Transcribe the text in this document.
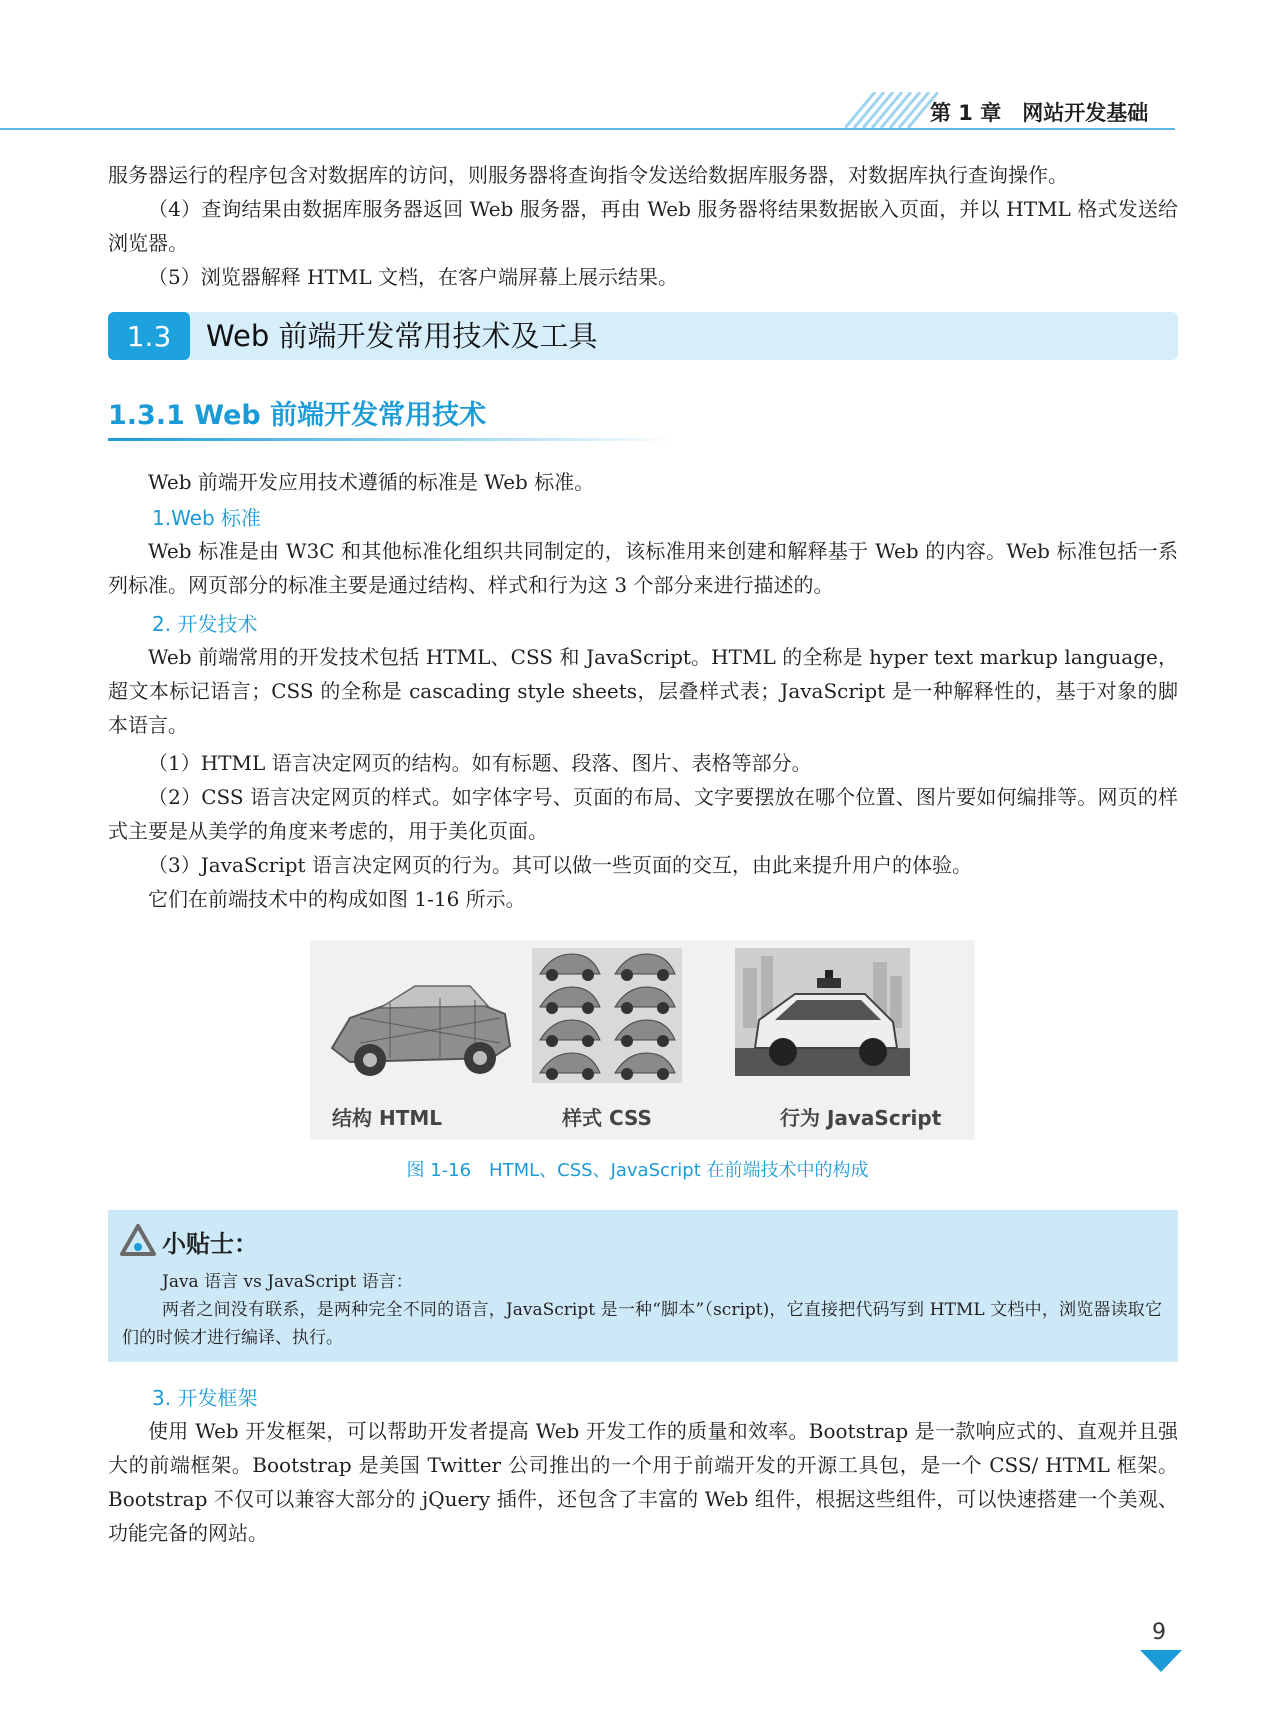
第 1 章　网站开发基础

服务器运行的程序包含对数据库的访问，则服务器将查询指令发送给数据库服务器，对数据库执行查询操作。

（4）查询结果由数据库服务器返回 Web 服务器，再由 Web 服务器将结果数据嵌入页面，并以 HTML 格式发送给浏览器。

（5）浏览器解释 HTML 文档，在客户端屏幕上展示结果。

1.3	Web 前端开发常用技术及工具
1.3.1 Web 前端开发常用技术

Web 前端开发应用技术遵循的标准是 Web 标准。

1.Web 标准

Web 标准是由 W3C 和其他标准化组织共同制定的，该标准用来创建和解释基于 Web 的内容。Web 标准包括一系列标准。网页部分的标准主要是通过结构、样式和行为这 3 个部分来进行描述的。

2. 开发技术

Web 前端常用的开发技术包括 HTML、CSS 和 JavaScript。HTML 的全称是 hyper text markup language，超文本标记语言；CSS 的全称是 cascading style sheets，层叠样式表；JavaScript 是一种解释性的，基于对象的脚本语言。

（1）HTML 语言决定网页的结构。如有标题、段落、图片、表格等部分。

（2）CSS 语言决定网页的样式。如字体字号、页面的布局、文字要摆放在哪个位置、图片要如何编排等。网页的样式主要是从美学的角度来考虑的，用于美化页面。

（3）JavaScript 语言决定网页的行为。其可以做一些页面的交互，由此来提升用户的体验。

它们在前端技术中的构成如图 1-16 所示。

结构 HTML	样式 CSS	行为 JavaScript
图 1-16　HTML、CSS、JavaScript 在前端技术中的构成
小贴士：

Java 语言 vs JavaScript 语言：

两者之间没有联系，是两种完全不同的语言，JavaScript 是一种“脚本”（script)，它直接把代码写到 HTML 文档中，浏览器读取它们的时候才进行编译、执行。

3. 开发框架

使用 Web 开发框架，可以帮助开发者提高 Web 开发工作的质量和效率。Bootstrap 是一款响应式的、直观并且强大的前端框架。Bootstrap 是美国 Twitter 公司推出的一个用于前端开发的开源工具包，是一个 CSS/ HTML 框架。 Bootstrap 不仅可以兼容大部分的 jQuery 插件，还包含了丰富的 Web 组件，根据这些组件，可以快速搭建一个美观、功能完备的网站。

9
